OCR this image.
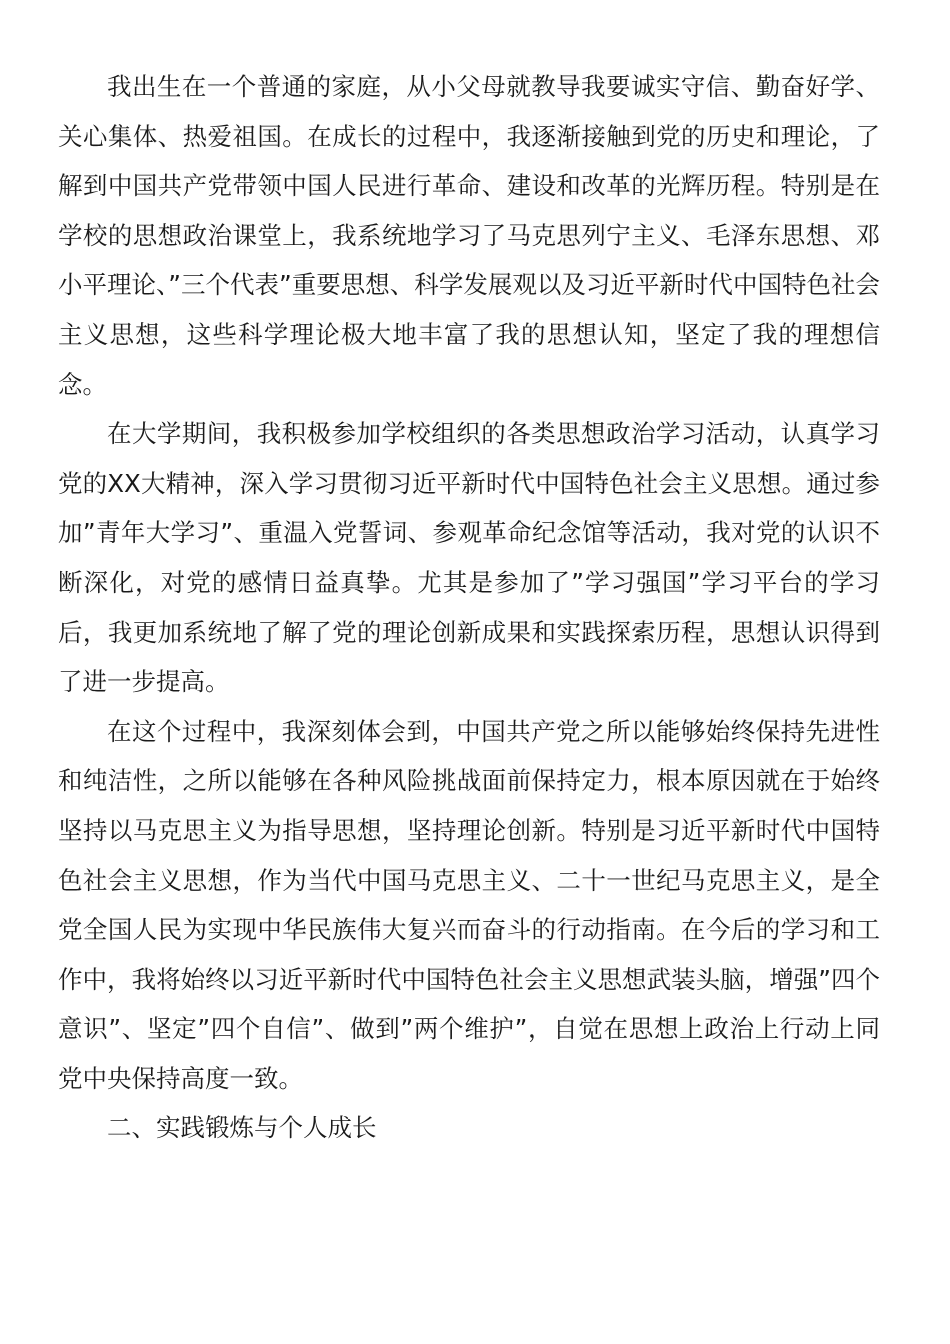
我出生在一个普通的家庭，从小父母就教导我要诚实守信、勤奋好学、关心集体、热爱祖国。在成长的过程中，我逐渐接触到党的历史和理论，了解到中国共产党带领中国人民进行革命、建设和改革的光辉历程。特别是在学校的思想政治课堂上，我系统地学习了马克思列宁主义、毛泽东思想、邓小平理论、”三个代表”重要思想、科学发展观以及习近平新时代中国特色社会主义思想，这些科学理论极大地丰富了我的思想认知，坚定了我的理想信念。

在大学期间，我积极参加学校组织的各类思想政治学习活动，认真学习党的XX大精神，深入学习贯彻习近平新时代中国特色社会主义思想。通过参加”青年大学习”、重温入党誓词、参观革命纪念馆等活动，我对党的认识不断深化，对党的感情日益真挚。尤其是参加了”学习强国”学习平台的学习后，我更加系统地了解了党的理论创新成果和实践探索历程，思想认识得到了进一步提高。

在这个过程中，我深刻体会到，中国共产党之所以能够始终保持先进性和纯洁性，之所以能够在各种风险挑战面前保持定力，根本原因就在于始终坚持以马克思主义为指导思想，坚持理论创新。特别是习近平新时代中国特色社会主义思想，作为当代中国马克思主义、二十一世纪马克思主义，是全党全国人民为实现中华民族伟大复兴而奋斗的行动指南。在今后的学习和工作中，我将始终以习近平新时代中国特色社会主义思想武装头脑，增强”四个意识”、坚定”四个自信”、做到”两个维护”，自觉在思想上政治上行动上同党中央保持高度一致。

二、实践锻炼与个人成长
